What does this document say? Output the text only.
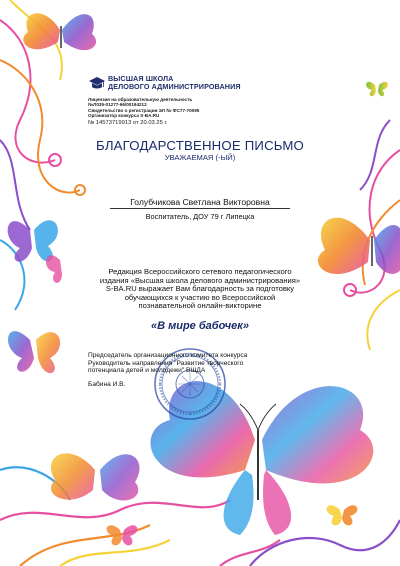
ВЫСШАЯ ШКОЛА
ДЕЛОВОГО АДМИНИСТРИРОВАНИЯ
Лицензия на образовательную деятельность
№Л035-01277-66/00194212
Свидетельство о регистрации ЭЛ № ФС77-70095
Организатор конкурса S-BA.RU
№ 14573719913 от 20.03.25 г.
БЛАГОДАРСТВЕННОЕ ПИСЬМО
УВАЖАЕМАЯ (-ЫЙ)
Голубчикова Светлана Викторовна
Воспитатель, ДОУ 79 г Липецка
Редакция Всероссийского сетевого педагогического
издания «Высшая школа делового администрирования»
S-BA.RU выражает Вам благодарность за подготовку
обучающихся к участию во Всероссийской
познавательной онлайн-викторине
«В мире бабочек»
Председатель организационного комитета конкурса
Руководитель направления "Развитие творческого
потенциала детей и молодежи" ВШДА
Бабина И.В.
